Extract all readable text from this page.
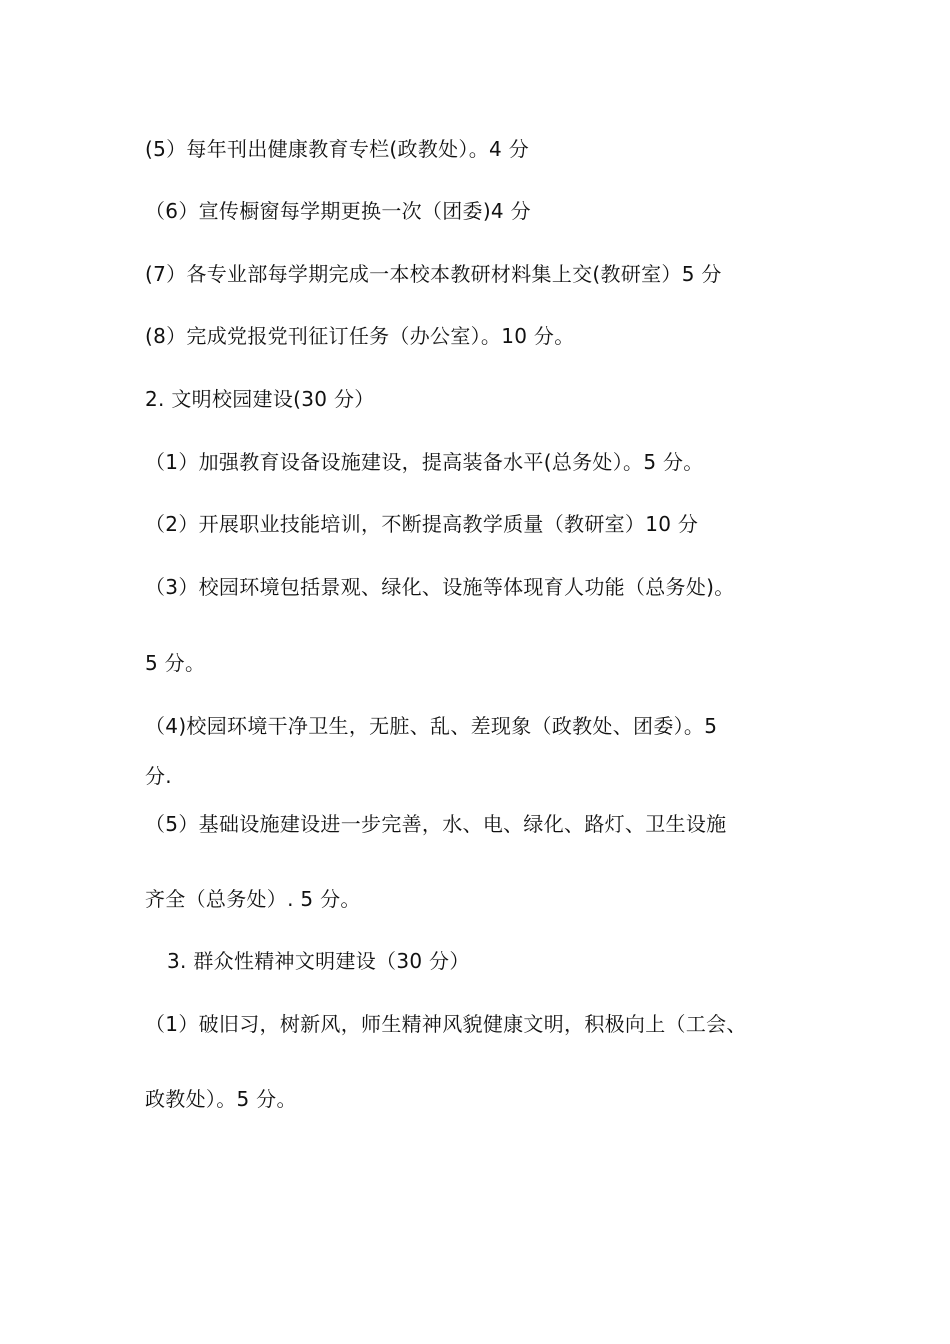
(5）每年刊出健康教育专栏(政教处）。4 分
（6）宣传橱窗每学期更换一次（团委)4 分
(7）各专业部每学期完成一本校本教研材料集上交(教研室）5 分
(8）完成党报党刊征订任务（办公室）。10 分。
2. 文明校园建设(30 分）
（1）加强教育设备设施建设，提高装备水平(总务处）。5 分。
（2）开展职业技能培训，不断提高教学质量（教研室）10 分
（3）校园环境包括景观、绿化、设施等体现育人功能（总务处)。
5 分。
（4)校园环境干净卫生，无脏、乱、差现象（政教处、团委）。5
分.
（5）基础设施建设进一步完善，水、电、绿化、路灯、卫生设施
齐全（总务处）. 5 分。
3. 群众性精神文明建设（30 分）
（1）破旧习，树新风，师生精神风貌健康文明，积极向上（工会、
政教处）。5 分。
